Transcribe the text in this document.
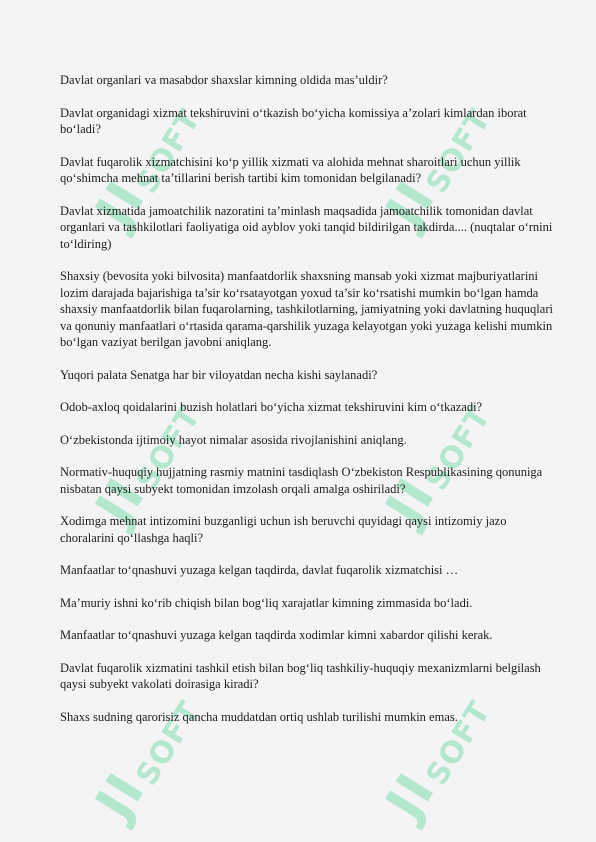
JISOFT
JISOFT
JISOFT
JISOFT
JISOFT
JISOFT

Davlat organlari va masabdor shaxslar kimning oldida mas’uldir?

Davlat organidagi xizmat tekshiruvini o‘tkazish bo‘yicha komissiya a’zolari kimlardan iborat bo‘ladi?

Davlat fuqarolik xizmatchisini ko‘p yillik xizmati va alohida mehnat sharoitlari uchun yillik qo‘shimcha mehnat ta’tillarini berish tartibi kim tomonidan belgilanadi?

Davlat xizmatida jamoatchilik nazoratini ta’minlash maqsadida jamoatchilik tomonidan davlat organlari va tashkilotlari faoliyatiga oid ayblov yoki tanqid bildirilgan takdirda.... (nuqtalar o‘rnini to‘ldiring)

Shaxsiy (bevosita yoki bilvosita) manfaatdorlik shaxsning mansab yoki xizmat majburiyatlarini lozim darajada bajarishiga ta’sir ko‘rsatayotgan yoxud ta’sir ko‘rsatishi mumkin bo‘lgan hamda shaxsiy manfaatdorlik bilan fuqarolarning, tashkilotlarning, jamiyatning yoki davlatning huquqlari va qonuniy manfaatlari o‘rtasida qarama-qarshilik yuzaga kelayotgan yoki yuzaga kelishi mumkin bo‘lgan vaziyat berilgan javobni aniqlang.

Yuqori palata Senatga har bir viloyatdan necha kishi saylanadi?

Odob-axloq qoidalarini buzish holatlari bo‘yicha xizmat tekshiruvini kim o‘tkazadi?

O‘zbekistonda ijtimoiy hayot nimalar asosida rivojlanishini aniqlang.

Normativ-huquqiy hujjatning rasmiy matnini tasdiqlash O‘zbekiston Respublikasining qonuniga nisbatan qaysi subyekt tomonidan imzolash orqali amalga oshiriladi?

Xodimga mehnat intizomini buzganligi uchun ish beruvchi quyidagi qaysi intizomiy jazo choralarini qo‘llashga haqli?

Manfaatlar to‘qnashuvi yuzaga kelgan taqdirda, davlat fuqarolik xizmatchisi …

Ma’muriy ishni ko‘rib chiqish bilan bog‘liq xarajatlar kimning zimmasida bo‘ladi.

Manfaatlar to‘qnashuvi yuzaga kelgan taqdirda xodimlar kimni xabardor qilishi kerak.

Davlat fuqarolik xizmatini tashkil etish bilan bog‘liq tashkiliy-huquqiy mexanizmlarni belgilash qaysi subyekt vakolati doirasiga kiradi?

Shaxs sudning qarorisiz qancha muddatdan ortiq ushlab turilishi mumkin emas.
